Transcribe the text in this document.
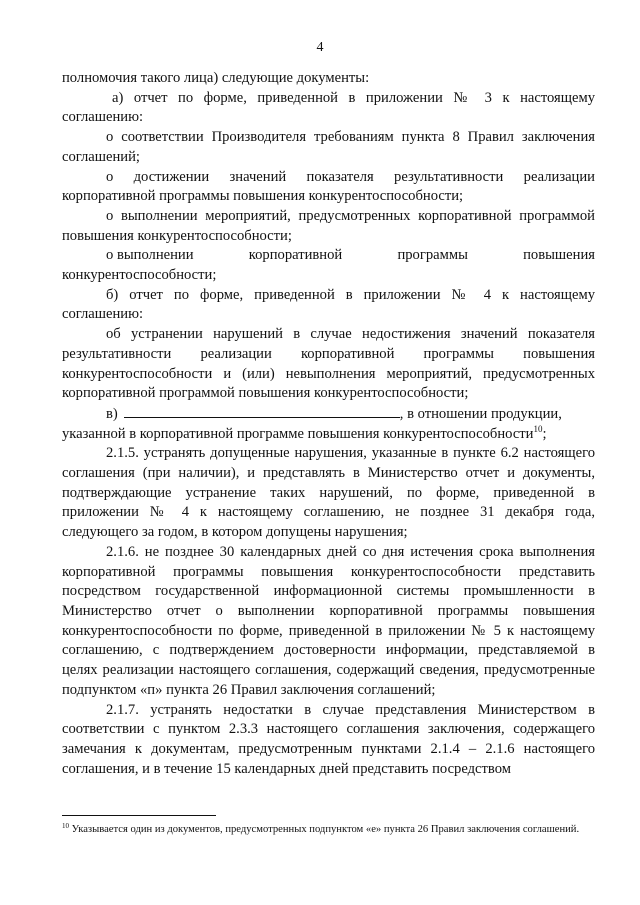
4

полномочия такого лица) следующие документы:

а) отчет по форме, приведенной в приложении № 3 к настоящему соглашению:

о соответствии Производителя требованиям пункта 8 Правил заключения соглашений;

о достижении значений показателя результативности реализации корпоративной программы повышения конкурентоспособности;

о выполнении мероприятий, предусмотренных корпоративной программой повышения конкурентоспособности;

о выполнении	корпоративной	программы	повышения

конкурентоспособности;

б) отчет по форме, приведенной в приложении № 4 к настоящему соглашению:

об устранении нарушений в случае недостижения значений показателя результативности реализации корпоративной программы повышения конкурентоспособности и (или) невыполнения мероприятий, предусмотренных корпоративной программой повышения конкурентоспособности;

в)	, в отношении продукции,

указанной в корпоративной программе повышения конкурентоспособности$^{10}$;

2.1.5. устранять допущенные нарушения, указанные в пункте 6.2 настоящего соглашения (при наличии), и представлять в Министерство отчет и документы, подтверждающие устранение таких нарушений, по форме, приведенной в приложении № 4 к настоящему соглашению, не позднее 31 декабря года, следующего за годом, в котором допущены нарушения;

2.1.6. не позднее 30 календарных дней со дня истечения срока выполнения корпоративной программы повышения конкурентоспособности представить посредством государственной информационной системы промышленности в Министерство отчет о выполнении корпоративной программы повышения конкурентоспособности по форме, приведенной в приложении № 5 к настоящему соглашению, с подтверждением достоверности информации, представляемой в целях реализации настоящего соглашения, содержащий сведения, предусмотренные подпунктом «п» пункта 26 Правил заключения соглашений;

2.1.7. устранять недостатки в случае представления Министерством в соответствии с пунктом 2.3.3 настоящего соглашения заключения, содержащего замечания к документам, предусмотренным пунктами 2.1.4 – 2.1.6 настоящего соглашения, и в течение 15 календарных дней представить посредством

$^{10}$ Указывается один из документов, предусмотренных подпунктом «е» пункта 26 Правил заключения соглашений.
